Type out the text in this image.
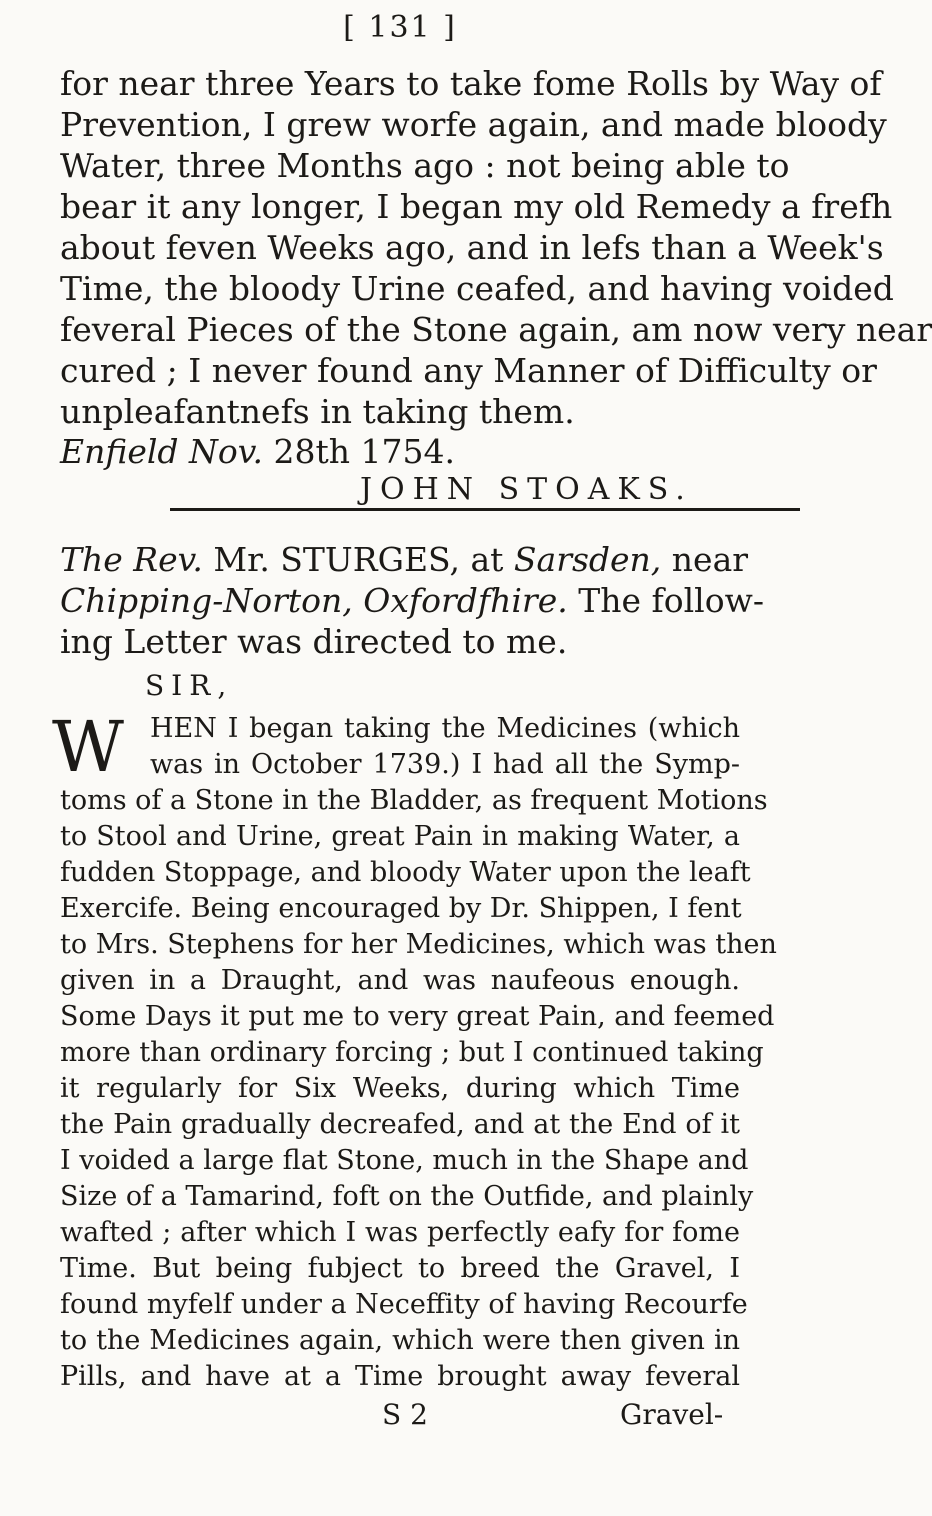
[ 131 ]
for near three Years to take fome Rolls by Way of
Prevention, I grew worfe again, and made bloody
Water, three Months ago : not being able to
bear it any longer, I began my old Remedy a frefh
about feven Weeks ago, and in lefs than a Week's
Time, the bloody Urine ceafed, and having voided
feveral Pieces of the Stone again, am now very near
cured ; I never found any Manner of Difficulty or
unpleafantnefs in taking them.
Enfield Nov. 28th 1754.
JOHN STOAKS.
The Rev. Mr. STURGES, at Sarsden, near
Chipping-Norton, Oxfordfhire. The follow-
ing Letter was directed to me.
SIR,
W HEN I began taking the Medicines (which
was in October 1739.) I had all the Symp-
toms of a Stone in the Bladder, as frequent Motions
to Stool and Urine, great Pain in making Water, a
fudden Stoppage, and bloody Water upon the leaft
Exercife. Being encouraged by Dr. Shippen, I fent
to Mrs. Stephens for her Medicines, which was then
given in a Draught, and was naufeous enough.
Some Days it put me to very great Pain, and feemed
more than ordinary forcing ; but I continued taking
it regularly for Six Weeks, during which Time
the Pain gradually decreafed, and at the End of it
I voided a large flat Stone, much in the Shape and
Size of a Tamarind, foft on the Outfide, and plainly
wafted ; after which I was perfectly eafy for fome
Time. But being fubject to breed the Gravel, I
found myfelf under a Neceffity of having Recourfe
to the Medicines again, which were then given in
Pills, and have at a Time brought away feveral
S 2	Gravel-
